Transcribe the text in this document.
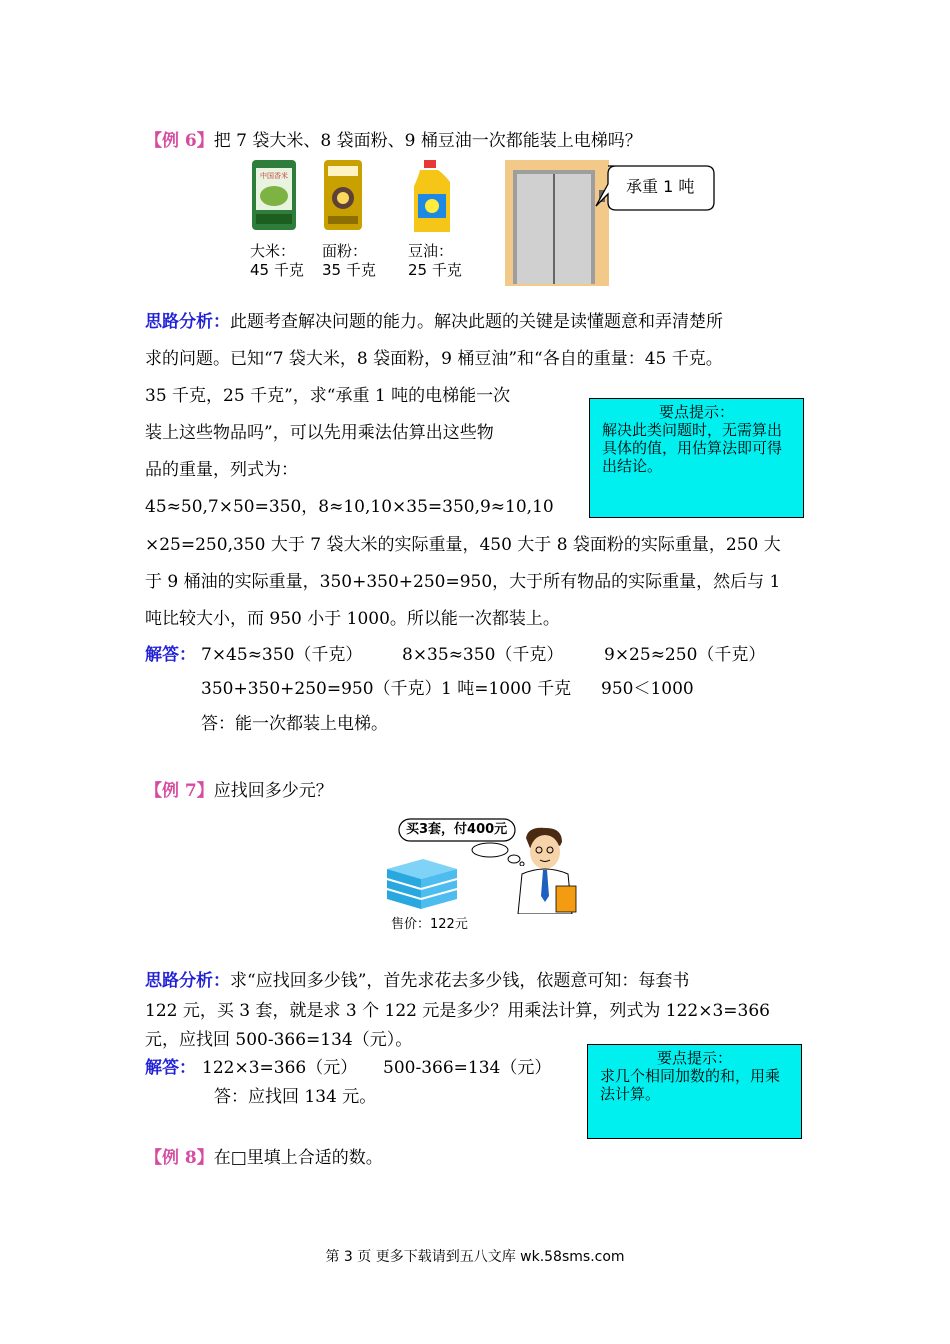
【例 6】把 7 袋大米、8 袋面粉、9 桶豆油一次都能装上电梯吗？
中国香米
承重 1 吨
大米：
45 千克
面粉：
35 千克
豆油：
25 千克
思路分析：此题考查解决问题的能力。解决此题的关键是读懂题意和弄清楚所
求的问题。已知“7 袋大米，8 袋面粉，9 桶豆油”和“各自的重量：45 千克。
35 千克，25 千克”，求“承重 1 吨的电梯能一次
装上这些物品吗”，可以先用乘法估算出这些物
品的重量，列式为：
45≈50,7×50=350，8≈10,10×35=350,9≈10,10
×25=250,350 大于 7 袋大米的实际重量，450 大于 8 袋面粉的实际重量，250 大
于 9 桶油的实际重量，350+350+250=950，大于所有物品的实际重量，然后与 1
吨比较大小，而 950 小于 1000。所以能一次都装上。
要点提示：
解决此类问题时，无需算出具体的值，用估算法即可得出结论。
解答： 7×45≈350（千克） 8×35≈350（千克） 9×25≈250（千克）
350+350+250=950（千克） 1 吨=1000 千克 950＜1000
答：能一次都装上电梯。
【例 7】应找回多少元？
买3套，付400元
售价：122元
思路分析：求“应找回多少钱”，首先求花去多少钱，依题意可知：每套书
122 元，买 3 套，就是求 3 个 122 元是多少？用乘法计算，列式为 122×3=366
元，应找回 500-366=134（元）。
解答： 122×3=366（元） 500-366=134（元）
答：应找回 134 元。
要点提示：
求几个相同加数的和，用乘法计算。
【例 8】在□里填上合适的数。
第 3 页 更多下载请到五八文库 wk.58sms.com
